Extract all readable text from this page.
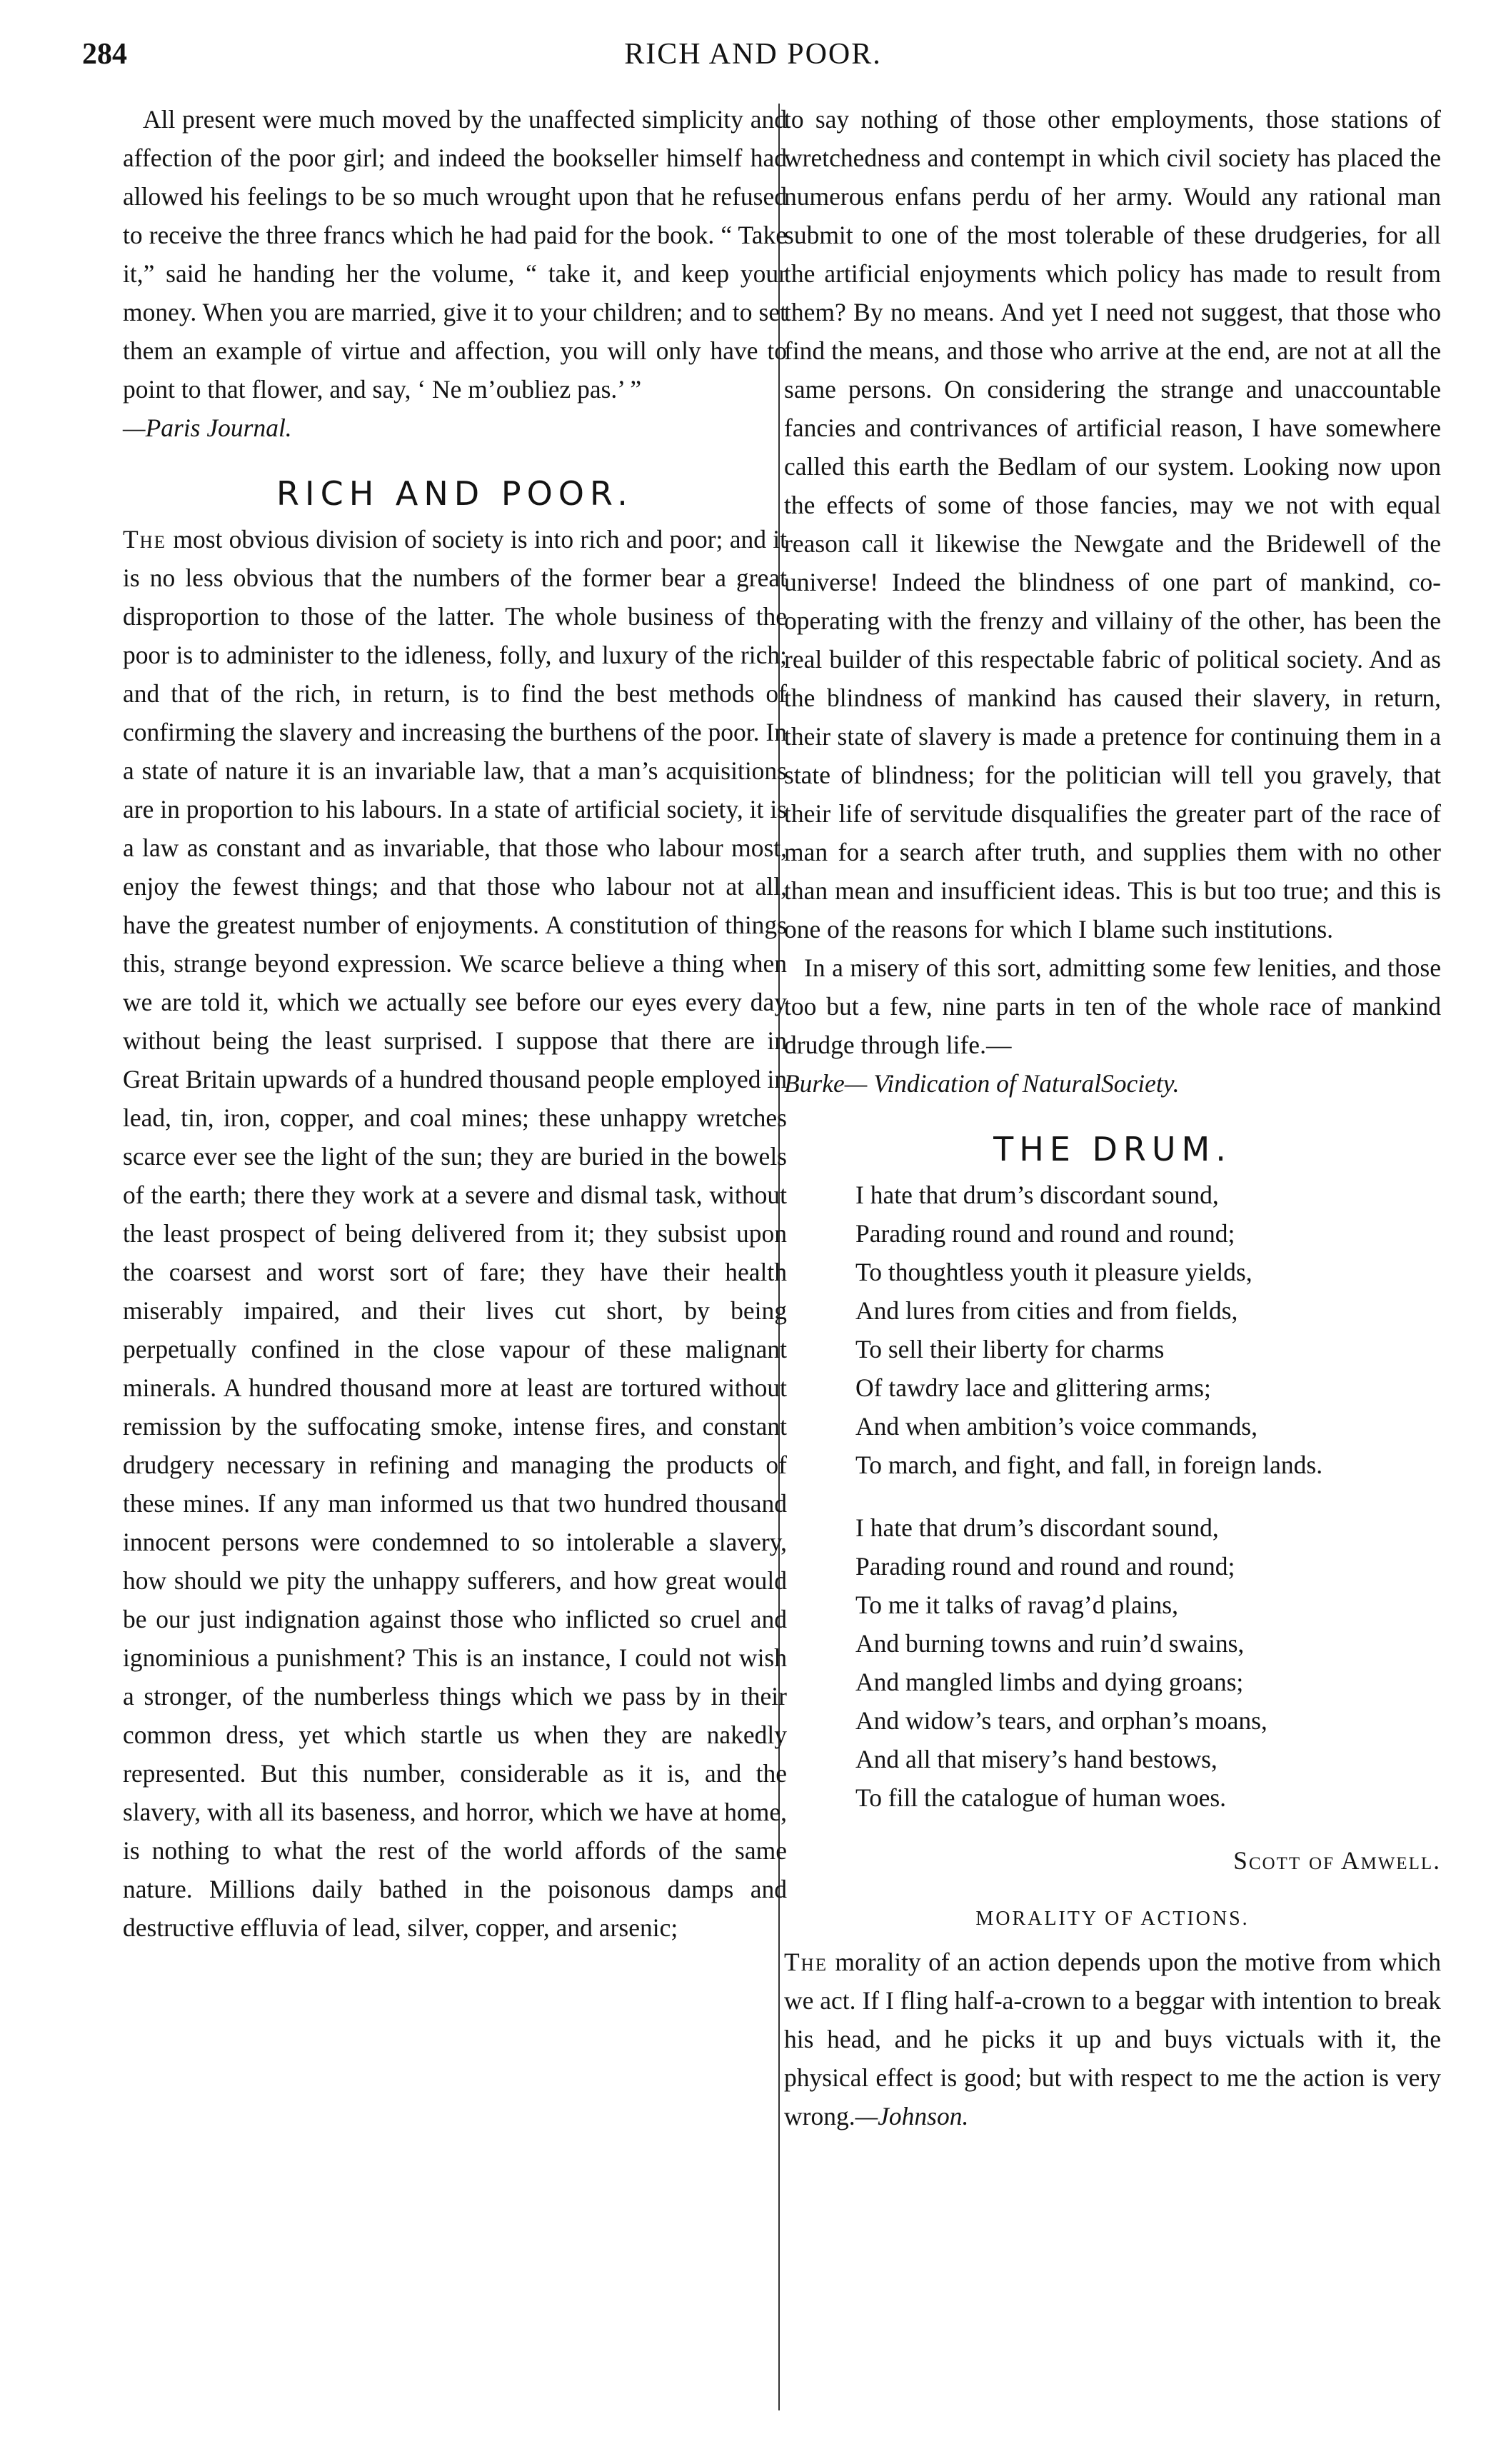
284	RICH AND POOR.

All present were much moved by the unaffected simplicity and affection of the poor girl; and indeed the bookseller himself had allowed his feelings to be so much wrought upon that he refused to receive the three francs which he had paid for the book. “ Take it,” said he handing her the volume, “ take it, and keep your money. When you are married, give it to your children; and to set them an example of virtue and affection, you will only have to point to that flower, and say, ‘ Ne m’oubliez pas.’ ”

—Paris Journal.

RICH AND POOR.

The most obvious division of society is into rich and poor; and it is no less obvious that the numbers of the former bear a great disproportion to those of the latter. The whole business of the poor is to administer to the idleness, folly, and luxury of the rich; and that of the rich, in return, is to find the best methods of confirming the slavery and increasing the burthens of the poor. In a state of nature it is an invariable law, that a man’s acquisitions are in proportion to his labours. In a state of artificial society, it is a law as constant and as invariable, that those who labour most, enjoy the fewest things; and that those who labour not at all, have the greatest number of enjoyments. A constitution of things this, strange beyond expression. We scarce believe a thing when we are told it, which we actually see before our eyes every day without being the least surprised. I suppose that there are in Great Britain upwards of a hundred thousand people employed in lead, tin, iron, copper, and coal mines; these unhappy wretches scarce ever see the light of the sun; they are buried in the bowels of the earth; there they work at a severe and dismal task, without the least prospect of being delivered from it; they subsist upon the coarsest and worst sort of fare; they have their health miserably impaired, and their lives cut short, by being perpetually confined in the close vapour of these malignant minerals. A hundred thousand more at least are tortured without remission by the suffocating smoke, intense fires, and constant drudgery necessary in refining and managing the products of these mines. If any man informed us that two hundred thousand innocent persons were condemned to so intolerable a slavery, how should we pity the unhappy sufferers, and how great would be our just indignation against those who inflicted so cruel and ignominious a punishment? This is an instance, I could not wish a stronger, of the numberless things which we pass by in their common dress, yet which startle us when they are nakedly represented. But this number, considerable as it is, and the slavery, with all its baseness, and horror, which we have at home, is nothing to what the rest of the world affords of the same nature. Millions daily bathed in the poisonous damps and destructive effluvia of lead, silver, copper, and arsenic;

to say nothing of those other employments, those stations of wretchedness and contempt in which civil society has placed the numerous enfans perdu of her army. Would any rational man submit to one of the most tolerable of these drudgeries, for all the artificial enjoyments which policy has made to result from them? By no means. And yet I need not suggest, that those who find the means, and those who arrive at the end, are not at all the same persons. On considering the strange and unaccountable fancies and contrivances of artificial reason, I have somewhere called this earth the Bedlam of our system. Looking now upon the effects of some of those fancies, may we not with equal reason call it likewise the Newgate and the Bridewell of the universe! Indeed the blindness of one part of mankind, co-operating with the frenzy and villainy of the other, has been the real builder of this respectable fabric of political society. And as the blindness of mankind has caused their slavery, in return, their state of slavery is made a pretence for continuing them in a state of blindness; for the politician will tell you gravely, that their life of servitude disqualifies the greater part of the race of man for a search after truth, and supplies them with no other than mean and insufficient ideas. This is but too true; and this is one of the reasons for which I blame such institutions.

In a misery of this sort, admitting some few lenities, and those too but a few, nine parts in ten of the whole race of mankind drudge through life.—

Burke— Vindication of NaturalSociety.

THE DRUM.
I hate that drum’s discordant sound,
Parading round and round and round;
To thoughtless youth it pleasure yields,
And lures from cities and from fields,
To sell their liberty for charms
Of tawdry lace and glittering arms;
And when ambition’s voice commands,
To march, and fight, and fall, in foreign lands.
I hate that drum’s discordant sound,
Parading round and round and round;
To me it talks of ravag’d plains,
And burning towns and ruin’d swains,
And mangled limbs and dying groans;
And widow’s tears, and orphan’s moans,
And all that misery’s hand bestows,
To fill the catalogue of human woes.

Scott of Amwell.

MORALITY OF ACTIONS.

The morality of an action depends upon the motive from which we act. If I fling half-a-crown to a beggar with intention to break his head, and he picks it up and buys victuals with it, the physical effect is good; but with respect to me the action is very wrong.—Johnson.
